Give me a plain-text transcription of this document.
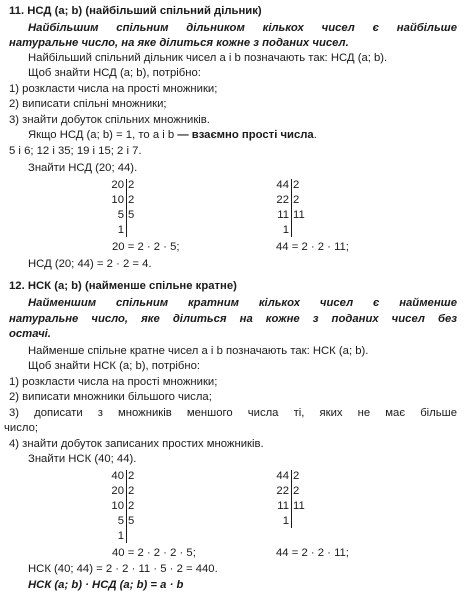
11. НСД (a; b) (найбільший спільний дільник)
Найбільшим спільним дільником кількох чисел є найбільше
натуральне число, на яке ділиться кожне з поданих чисел.
Найбільший спільний дільник чисел a і b позначають так: НСД (a; b).
Щоб знайти НСД (a; b), потрібно:
1) розкласти числа на прості множники;
2) виписати спільні множники;
3) знайти добуток спільних множників.
Якщо НСД (a; b) = 1, то a і b — взаємно прості числа.
5 і 6; 12 і 35; 19 і 15; 2 і 7.
Знайти НСД (20; 44).
20 2
10 2
5 5
1
44 2
22 2
11 11
1
20 = 2 · 2 · 5;	44 = 2 · 2 · 11;
НСД (20; 44) = 2 · 2 = 4.
12. НСК (a; b) (найменше спільне кратне)
Найменшим спільним кратним кількох чисел є найменше
натуральне число, яке ділиться на кожне з поданих чисел без
остачі.
Найменше спільне кратне чисел a і b позначають так: НСК (a; b).
Щоб знайти НСК (a; b), потрібно:
1) розкласти числа на прості множники;
2) виписати множники більшого числа;
3) дописати з множників меншого числа ті, яких не має більше
число;
4) знайти добуток записаних простих множників.
Знайти НСК (40; 44).
40 2
20 2
10 2
5 5
1
44 2
22 2
11 11
1
40 = 2 · 2 · 2 · 5;	44 = 2 · 2 · 11;
НСК (40; 44) = 2 · 2 · 11 · 5 · 2 = 440.
НСК (a; b) · НСД (a; b) = a · b
